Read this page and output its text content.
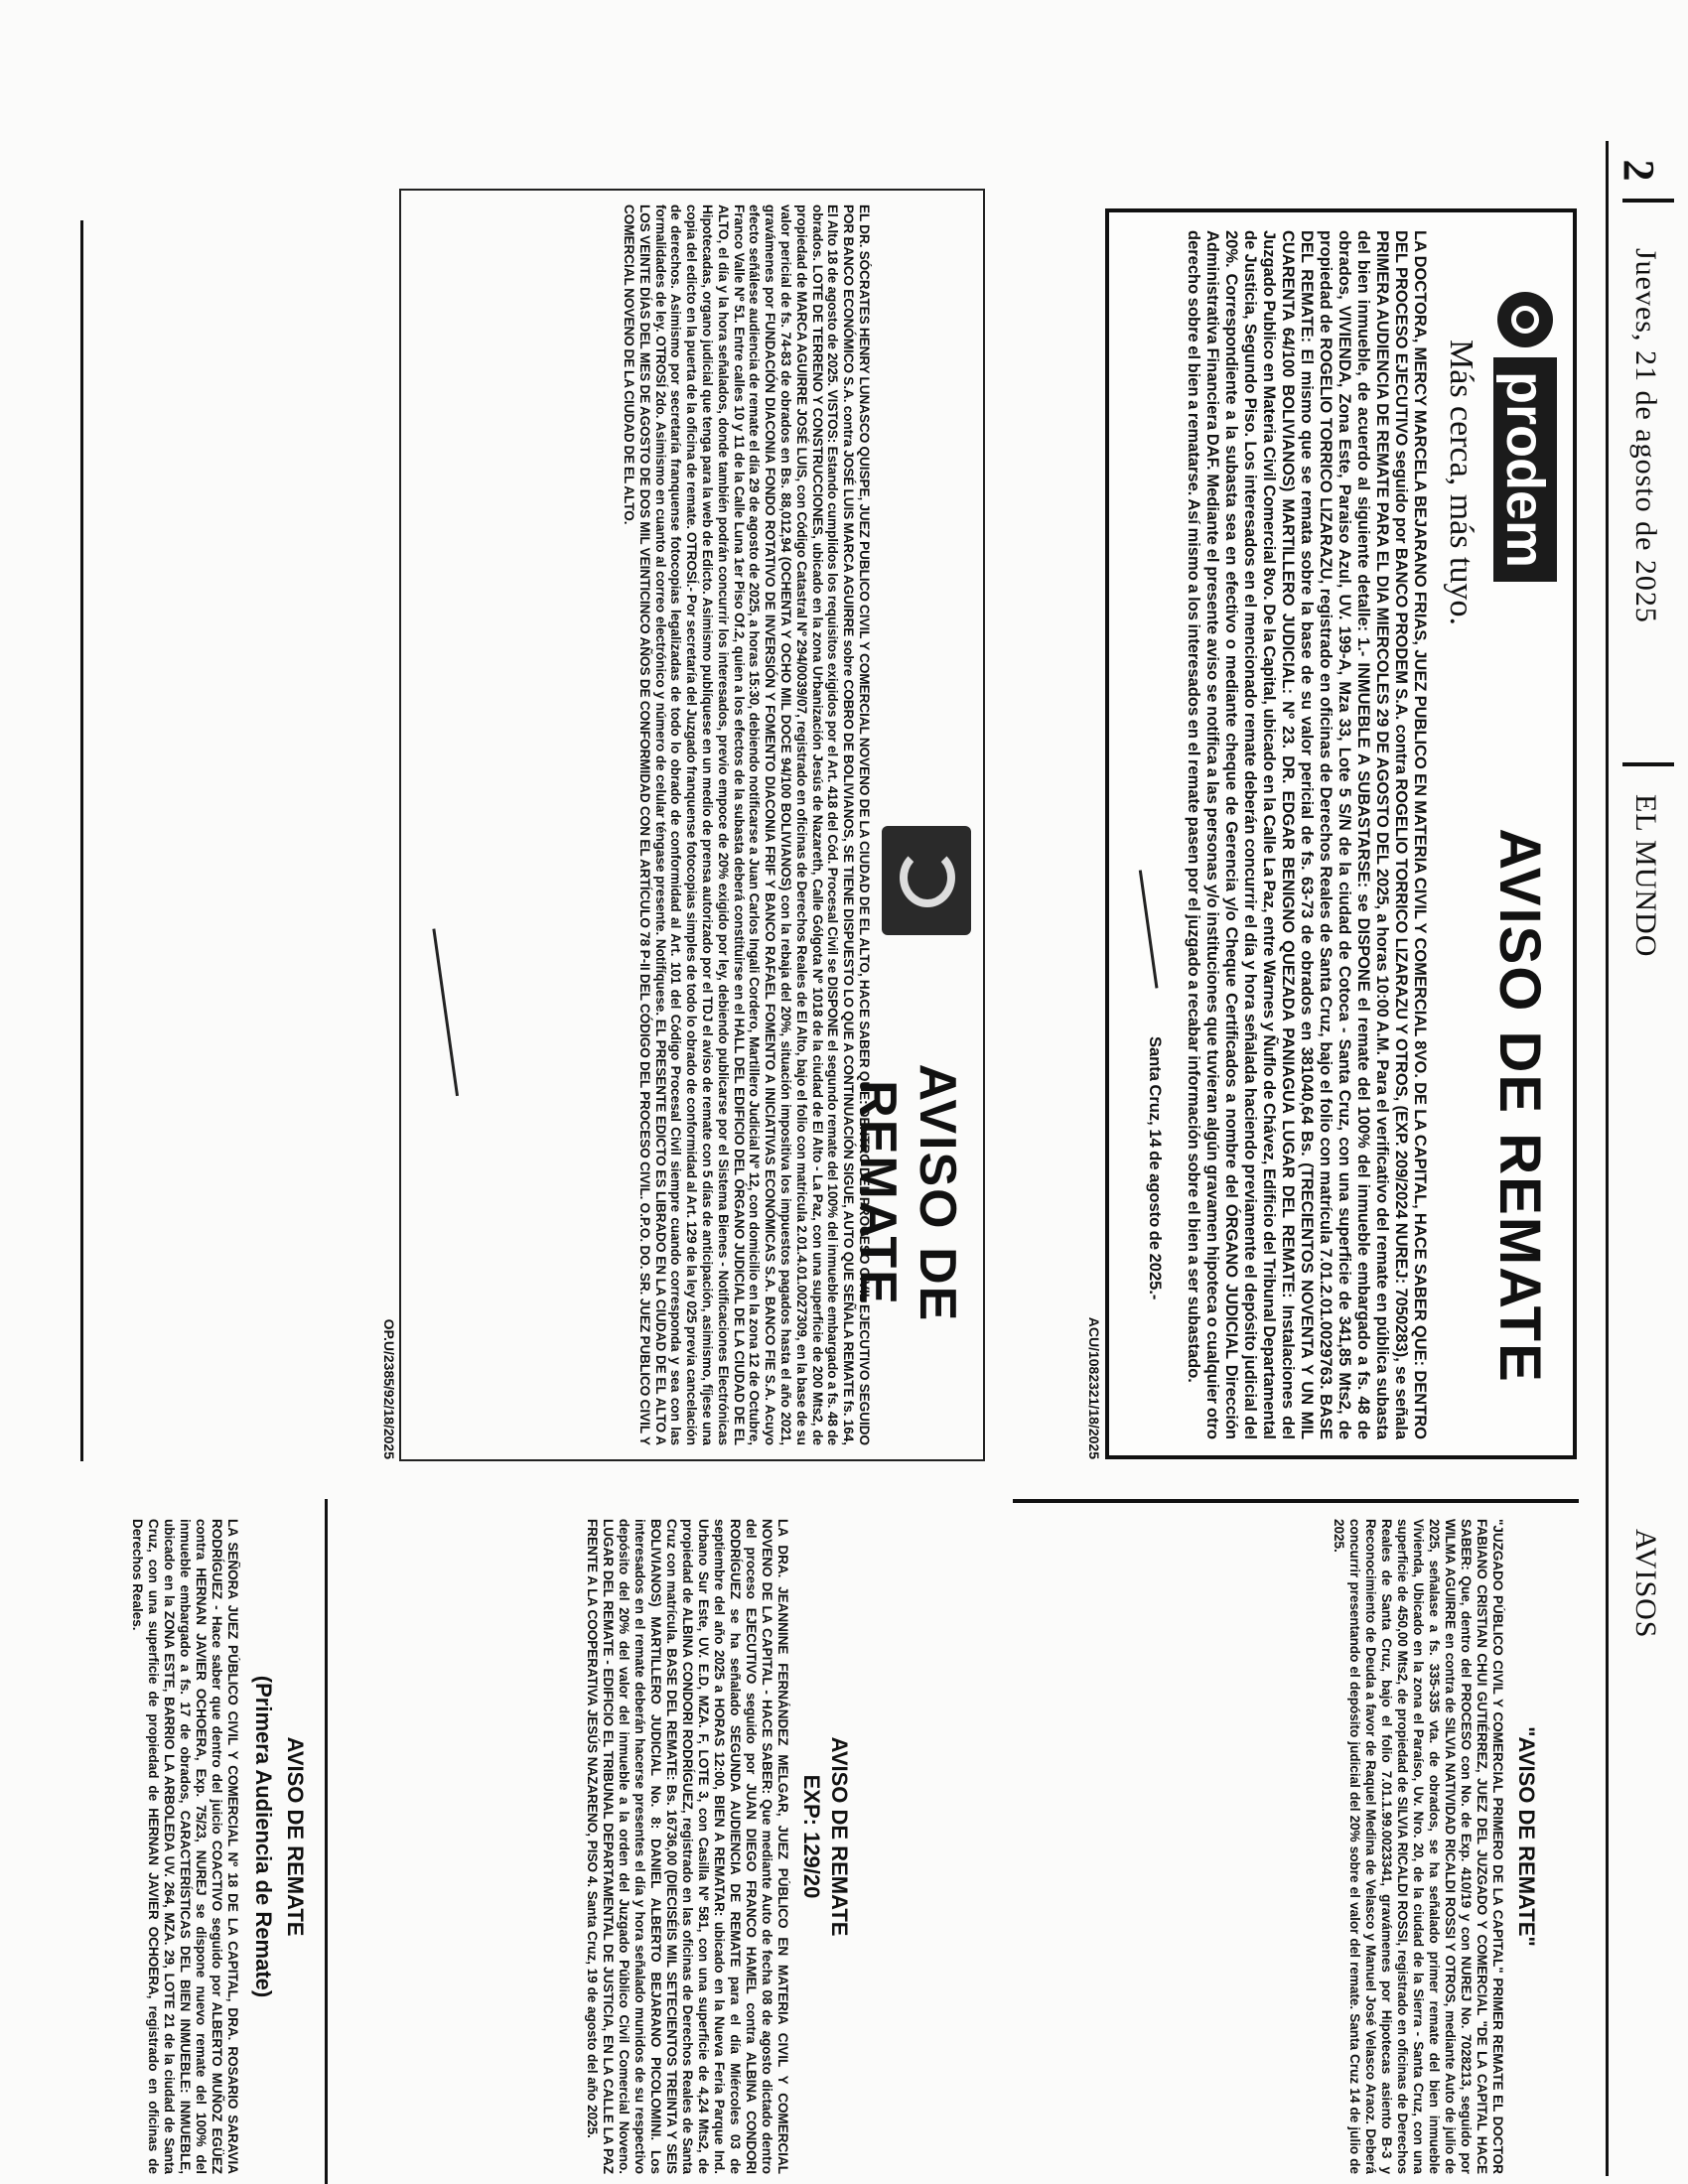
2
Jueves, 21 de agosto de 2025
EL MUNDO
AVISOS
prodem
Más cerca, más tuyo.
AVISO DE REMATE
LA DOCTORA, MERCY MARCELA BEJARANO FRIAS, JUEZ PUBLICO EN MATERIA CIVIL Y COMERCIAL 8VO. DE LA CAPITAL, HACE SABER QUE: DENTRO DEL PROCESO EJECUTIVO seguido por BANCO PRODEM S.A. contra ROGELIO TORRICO LIZARAZU Y OTROS, (EXP. 209/2024 NUREJ: 7050283), se señala PRIMERA AUDIENCIA DE REMATE PARA EL DIA MIERCOLES 29 DE AGOSTO DEL 2025, a horas 10:00 A.M. Para el verificativo del remate en pública subasta del bien inmueble, de acuerdo al siguiente detalle: 1.- INMUEBLE A SUBASTARSE: se DISPONE el remate del 100% del inmueble embargado a fs. 48 de obrados, VIVIENDA, Zona Este, Paraiso Azul, UV. 199-A, Mza 33, Lote 5 S/N de la ciudad de Cotoca - Santa Cruz, con una superficie de 341,85 Mts2, de propiedad de ROGELIO TORRICO LIZARAZU, registrado en oficinas de Derechos Reales de Santa Cruz, bajo el folio con matrícula 7.01.2.01.0029763. BASE DEL REMATE: El mismo que se remata sobre la base de su valor pericial de fs. 63-73 de obrados en 381040,64 Bs. (TRECIENTOS NOVENTA Y UN MIL CUARENTA 64/100 BOLIVIANOS) MARTILLERO JUDICIAL: Nº 23. DR. EDGAR BENIGNO QUEZADA PANIAGUA LUGAR DEL REMATE: Instalaciones del Juzgado Publico en Materia Civil Comercial 8vo. De la Capital, ubicado en la Calle La Paz, entre Warnes y Ñuflo de Chávez, Edificio del Tribunal Departamental de Justicia, Segundo Piso. Los interesados en el mencionado remate deberán concurrir el día y hora señalada haciendo previamente el depósito judicial del 20%. Correspondiente a la subasta sea en efectivo o mediante cheque de Gerencia y/o Cheque Certificados a nombre del ÓRGANO JUDICIAL Dirección Administrativa Financiera DAF. Mediante el presente aviso se notifica a las personas y/o instituciones que tuvieran algún gravamen hipoteca o cualquier otro derecho sobre el bien a rematarse. Así mismo a los interesados en el remate pasen por el juzgado a recabar información sobre el bien a ser subastado.
Santa Cruz, 14 de agosto de 2025.-
ACU/1082321/18/2025
AVISO DE REMATE
EL DR. SÓCRATES HENRY LUNASCO QUISPE, JUEZ PUBLICO CIVIL Y COMERCIAL NOVENO DE LA CIUDAD DE EL ALTO, HACE SABER QUE: DENTRO DEL PROCESO CIVIL EJECUTIVO SEGUIDO POR BANCO ECONÓMICO S.A. contra JOSÉ LUIS MARCA AGUIRRE sobre COBRO DE BOLIVIANOS, SE TIENE DISPUESTO LO QUE A CONTINUACIÓN SIGUE, AUTO QUE SEÑALA REMATE fs. 164, El Alto 18 de agosto de 2025. VISTOS: Estando cumplidos los requisitos exigidos por el Art. 418 del Cód. Procesal Civil se DISPONE el segundo remate del 100% del inmueble embargado a fs. 48 de obrados. LOTE DE TERRENO Y CONSTRUCCIONES, ubicado en la zona Urbanización Jesús de Nazareth, Calle Gólgota Nº 1018 de la ciudad de El Alto - La Paz, con una superficie de 200 Mts2, de propiedad de MARCA AGUIRRE JOSÉ LUIS, con Código Catastral Nº 294/0039/07, registrado en oficinas de Derechos Reales de El Alto, bajo el folio con matricula 2.01.4.01.0027309, en la base de su valor pericial de fs. 74-83 de obrados en Bs. 88,012,94 (OCHENTA Y OCHO MIL DOCE 94/100 BOLIVIANOS) con la rebaja del 20%, situación impositiva los impuestos pagados hasta el año 2021, gravámenes por FUNDACIÓN DIACONIA FONDO ROTATIVO DE INVERSIÓN Y FOMENTO DIACONIA FRIF Y BANCO RAFAEL FOMENTO A INICIATIVAS ECONÓMICAS S.A. BANCO FIE S.A. Acuyo efecto señálese audiencia de remate el día 29 de agosto de 2025, a horas 15:30, debiendo notificarse a Juan Carlos Ingali Cordero, Martillero Judicial Nº 12, con domicilio en la zona 12 de Octubre, Franco Valle Nº 51. Entre calles 10 y 11 de la Calle Luna 1er Piso Of.2, quien a los efectos de la subasta deberá constituirse en el HALL DEL EDIFICIO DEL ÓRGANO JUDICIAL DE LA CIUDAD DE EL ALTO, el día y la hora señalados, donde también podrán concurrir los interesados, previo empoce de 20% exigido por ley, debiendo publicarse por el Sistema Bienes - Notificaciones Electrónicas Hipotecadas, organo judicial que tenga para la web de Edicto. Asimismo publíquese en un medio de prensa autorizado por el TDJ el aviso de remate con 5 días de anticipación, asimismo, fíjese una copia del edicto en la puerta de la oficina de remate. OTROSÍ.- Por secretaría del Juzgado franquense fotocopias simples de todo lo obrado de conformidad al Art. 129 de la ley 025 previa cancelación de derechos. Asimismo por secretaría franquense fotocopias legalizadas de todo lo obrado de conformidad al Art. 101 del Código Procesal Civil siempre cuando corresponda y sea con las formalidades de ley. OTROSÍ 2do. Asimismo en cuanto al correo electrónico y número de celular téngase presente. Notifíquese. EL PRESENTE EDICTO ES LIBRADO EN LA CIUDAD DE EL ALTO A LOS VEINTE DÍAS DEL MES DE AGOSTO DE DOS MIL VEINTICINCO AÑOS DE CONFORMIDAD CON EL ARTÍCULO 78 P-II DEL CÓDIGO DEL PROCESO CIVIL. O.P.O. DO. SR. JUEZ PUBLICO CIVIL Y COMERCIAL NOVENO DE LA CIUDAD DE EL ALTO.
OP.U/2385/92/18/2025
"AVISO DE REMATE"
"JUZGADO PÚBLICO CIVIL Y COMERCIAL PRIMERO DE LA CAPITAL" PRIMER REMATE EL DOCTOR FABIANO CRISTIAN CHUI GUTIÉRREZ, JUEZ DEL JUZGADO Y COMERCIAL "DE LA CAPITAL HACE SABER: Que, dentro del PROCESO con No. de Exp. 410/19 y con NUREJ No. 7028213, seguido por WILMA AGUIRRE en contra de SILVIA NATIVIDAD RICALDI ROSSI Y OTROS, mediante Auto de julio de 2025, señalase a fs. 335-335 vta. de obrados, se ha señalado primer remate del bien inmueble Vivienda, Ubicado en la zona el Paraíso, Uv. Nro. 20, de la ciudad de la Sierra - Santa Cruz, con una superficie de 450,00 Mts2, de propiedad de SILVIA RICALDI ROSSI, registrado en oficinas de Derechos Reales de Santa Cruz, bajo el folio 7.01.1.99.0023341, gravámenes por Hipotecas asiento B-3 y Reconocimiento de Deuda a favor de Raquel Medina de Velasco y Manuel José Velasco Araoz. Deberá concurrir presentando el depósito judicial del 20% sobre el valor del remate. Santa Cruz 14 de julio de 2025.
AVISO DE REMATE
EXP: 129/20
LA DRA. JEANNINE FERNÁNDEZ MELGAR, JUEZ PÚBLICO EN MATERIA CIVIL Y COMERCIAL NOVENO DE LA CAPITAL - HACE SABER: Que mediante Auto de fecha 08 de agosto dictado dentro del proceso EJECUTIVO seguido por JUAN DIEGO FRANCO HAMEL contra ALBINA CONDORI RODRÍGUEZ se ha señalado SEGUNDA AUDIENCIA DE REMATE para el día Miércoles 03 de septiembre del año 2025 a HORAS 12:00, BIEN A REMATAR: ubicado en la Nueva Feria Parque Ind. Urbano Sur Este, UV. E.D, MZA. F, LOTE 3, con Casilla Nº 581, con una superficie de 4,24 Mts2, de propiedad de ALBINA CONDORI RODRÍGUEZ, registrado en las oficinas de Derechos Reales de Santa Cruz con matrícula. BASE DEL REMATE: Bs. 16736,00 (DIECISÉIS MIL SETECIENTOS TREINTA Y SEIS BOLIVIANOS) MARTILLERO JUDICIAL No. 8: DANIEL ALBERTO BEJARANO PICOLOMINI. Los interesados en el remate deberán hacerse presentes el día y hora señalado munidos de su respectivo depósito del 20% del valor del inmueble a la orden del Juzgado Público Civil Comercial Noveno. LUGAR DEL REMATE - EDIFICIO EL TRIBUNAL DEPARTAMENTAL DE JUSTICIA, EN LA CALLE LA PAZ FRENTE A LA COOPERATIVA JESÚS NAZARENO, PISO 4. Santa Cruz, 19 de agosto del año 2025.
AVISO DE REMATE
(Primera Audiencia de Remate)
LA SEÑORA JUEZ PÚBLICO CIVIL Y COMERCIAL Nº 18 DE LA CAPITAL, DRA. ROSARIO SARAVIA RODRÍGUEZ - Hace saber que dentro del juicio COACTIVO seguido por ALBERTO MUÑOZ EGÜEZ contra HERNAN JAVIER OCHOERA, Exp. 75/23, NUREJ se dispone nuevo remate del 100% del inmueble embargado a fs. 17 de obrados, CARACTERÍSTICAS DEL BIEN INMUEBLE: INMUEBLE, ubicado en la ZONA ESTE, BARRIO LA ARBOLEDA UV. 264, MZA. 29, LOTE 21 de la ciudad de Santa Cruz, con una superficie de propiedad de HERNAN JAVIER OCHOERA, registrado en oficinas de Derechos Reales.
